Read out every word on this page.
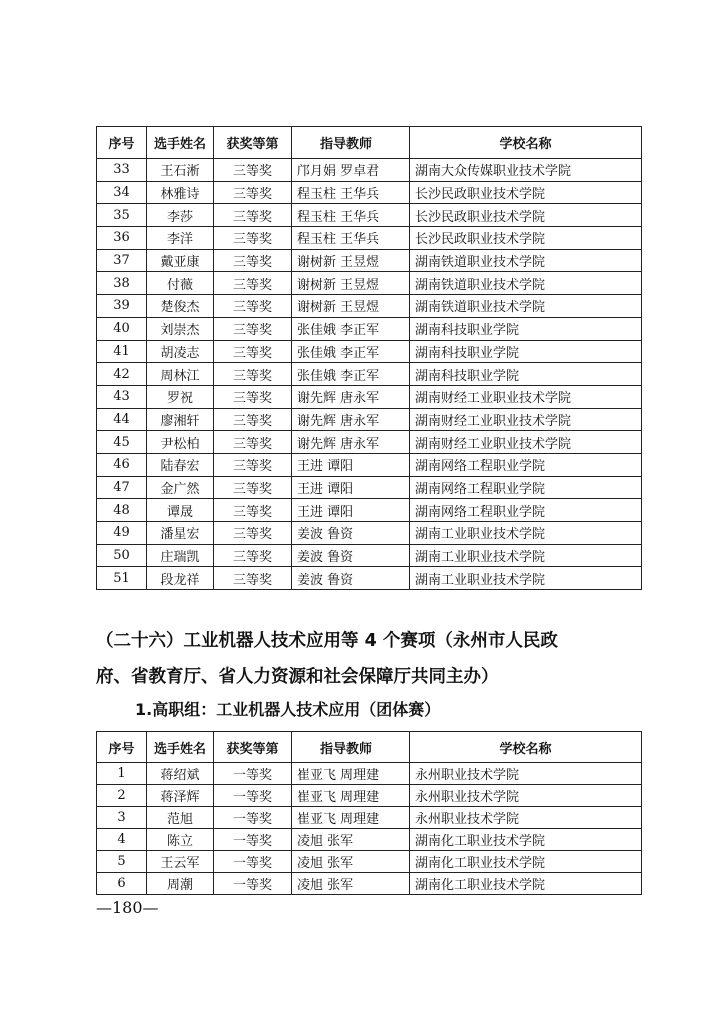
序号	选手姓名	获奖等第	指导教师	学校名称
33	王石淅	三等奖	邝月娟 罗卓君	湖南大众传媒职业技术学院
34	林雅诗	三等奖	程玉柱 王华兵	长沙民政职业技术学院
35	李莎	三等奖	程玉柱 王华兵	长沙民政职业技术学院
36	李洋	三等奖	程玉柱 王华兵	长沙民政职业技术学院
37	戴亚康	三等奖	谢树新 王昱煜	湖南铁道职业技术学院
38	付薇	三等奖	谢树新 王昱煜	湖南铁道职业技术学院
39	楚俊杰	三等奖	谢树新 王昱煜	湖南铁道职业技术学院
40	刘崇杰	三等奖	张佳娥 李正军	湖南科技职业学院
41	胡凌志	三等奖	张佳娥 李正军	湖南科技职业学院
42	周林江	三等奖	张佳娥 李正军	湖南科技职业学院
43	罗祝	三等奖	谢先辉 唐永军	湖南财经工业职业技术学院
44	廖湘轩	三等奖	谢先辉 唐永军	湖南财经工业职业技术学院
45	尹松柏	三等奖	谢先辉 唐永军	湖南财经工业职业技术学院
46	陆春宏	三等奖	王进 谭阳	湖南网络工程职业学院
47	金广然	三等奖	王进 谭阳	湖南网络工程职业学院
48	谭晟	三等奖	王进 谭阳	湖南网络工程职业学院
49	潘星宏	三等奖	姜波 鲁资	湖南工业职业技术学院
50	庄瑞凯	三等奖	姜波 鲁资	湖南工业职业技术学院
51	段龙祥	三等奖	姜波 鲁资	湖南工业职业技术学院
（二十六）工业机器人技术应用等 4 个赛项（永州市人民政
府、省教育厅、省人力资源和社会保障厅共同主办）
1.高职组：工业机器人技术应用（团体赛）
序号	选手姓名	获奖等第	指导教师	学校名称
1	蒋绍斌	一等奖	崔亚飞 周理建	永州职业技术学院
2	蒋泽辉	一等奖	崔亚飞 周理建	永州职业技术学院
3	范旭	一等奖	崔亚飞 周理建	永州职业技术学院
4	陈立	一等奖	凌旭 张军	湖南化工职业技术学院
5	王云军	一等奖	凌旭 张军	湖南化工职业技术学院
6	周潮	一等奖	凌旭 张军	湖南化工职业技术学院
—180—
